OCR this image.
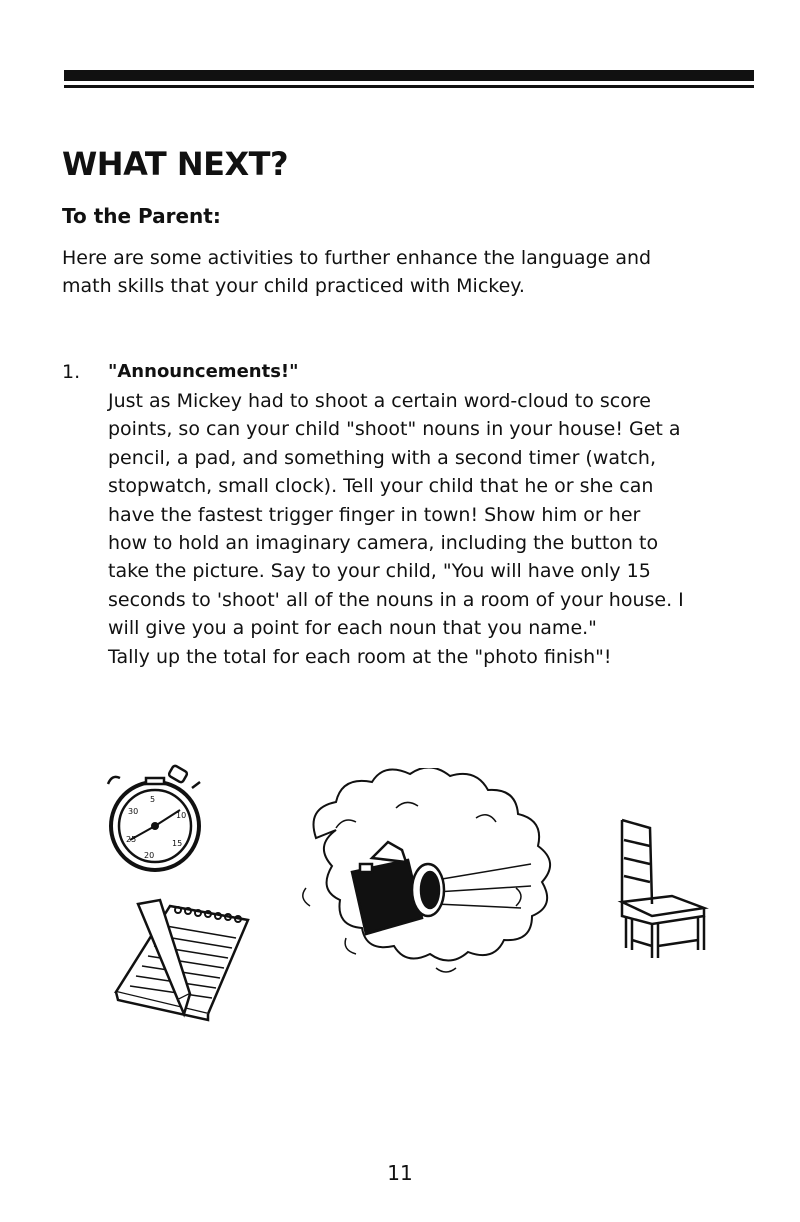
WHAT NEXT?
To the Parent:

Here are some activities to further enhance the language and
math skills that your child practiced with Mickey.

1. "Announcements!"

Just as Mickey had to shoot a certain word-cloud to score
points, so can your child "shoot" nouns in your house! Get a
pencil, a pad, and something with a second timer (watch,
stopwatch, small clock). Tell your child that he or she can
have the fastest trigger finger in town! Show him or her
how to hold an imaginary camera, including the button to
take the picture. Say to your child, "You will have only 15
seconds to 'shoot' all of the nouns in a room of your house. I
will give you a point for each noun that you name."
Tally up the total for each room at the "photo finish"!

5
10
15
20
25
30
11
